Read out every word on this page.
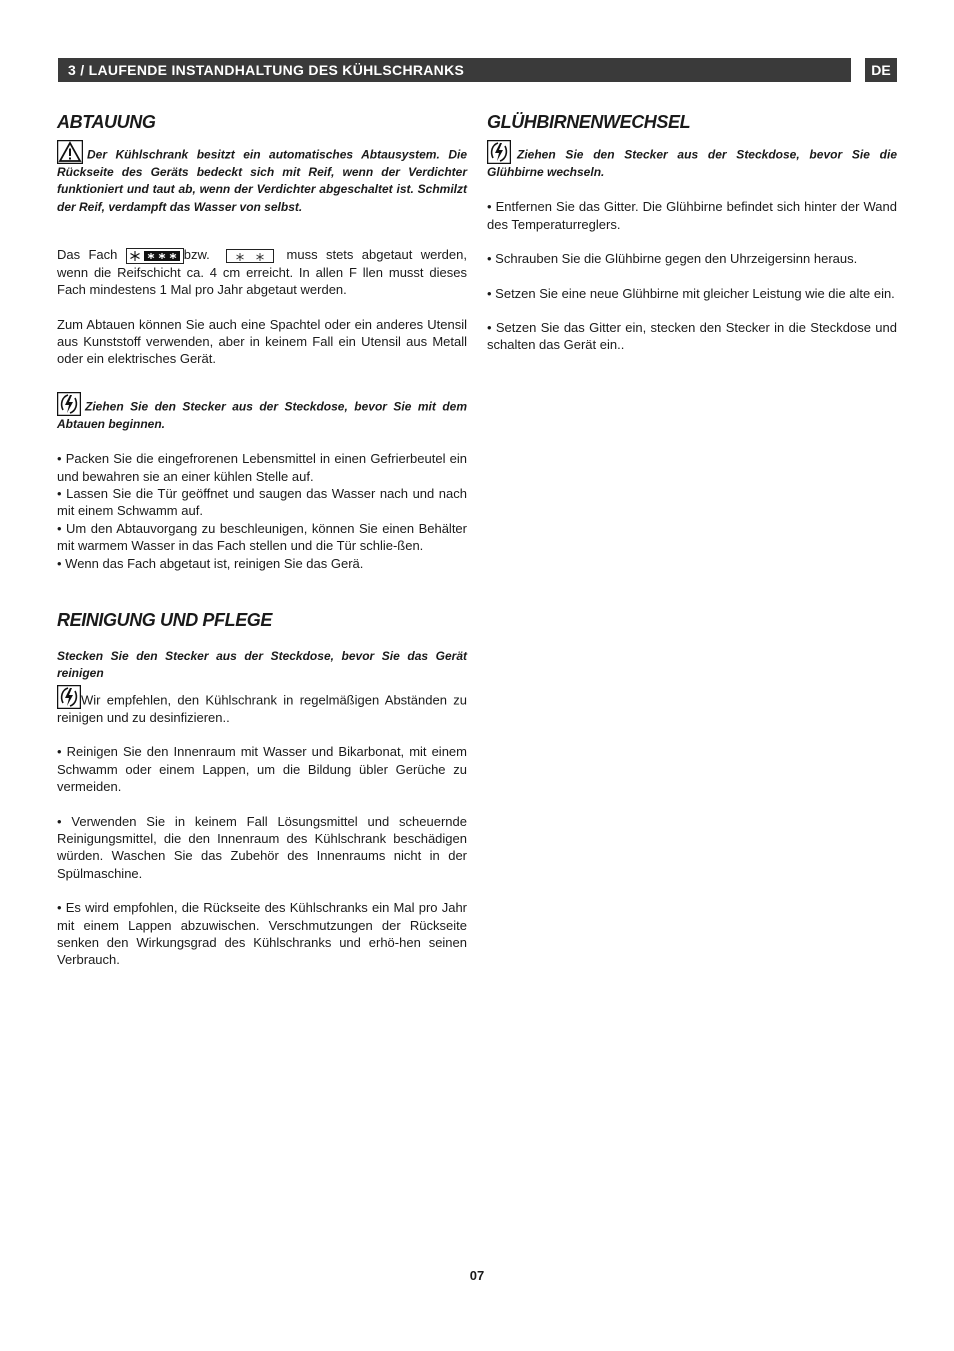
3 / LAUFENDE INSTANDHALTUNG DES KÜHLSCHRANKS	DE
ABTAUUNG

Der Kühlschrank besitzt ein automatisches Abtausystem. Die Rückseite des Geräts bedeckt sich mit Reif, wenn der Verdichter funktioniert und taut ab, wenn der Verdichter abgeschaltet ist. Schmilzt der Reif, verdampft das Wasser von selbst.

Das Fach	bzw.	muss stets abgetaut werden, wenn die Reifschicht ca. 4 cm erreicht. In allen F llen musst dieses Fach mindestens 1 Mal pro Jahr abgetaut werden.

Zum Abtauen können Sie auch eine Spachtel oder ein anderes Utensil aus Kunststoff verwenden, aber in keinem Fall ein Utensil aus Metall oder ein elektrisches Gerät.

Ziehen Sie den Stecker aus der Steckdose, bevor Sie mit dem Abtauen beginnen.

• Packen Sie die eingefrorenen Lebensmittel in einen Gefrierbeutel ein und bewahren sie an einer kühlen Stelle auf.

• Lassen Sie die Tür geöffnet und saugen das Wasser nach und nach mit einem Schwamm auf.

• Um den Abtauvorgang zu beschleunigen, können Sie einen Behälter mit warmem Wasser in das Fach stellen und die Tür schlie-ßen.

• Wenn das Fach abgetaut ist, reinigen Sie das Gerä.

REINIGUNG UND PFLEGE

Stecken Sie den Stecker aus der Steckdose, bevor Sie das Gerät reinigen

Wir empfehlen, den Kühlschrank in regelmäßigen Abständen zu reinigen und zu desinfizieren..

• Reinigen Sie den Innenraum mit Wasser und Bikarbonat, mit einem Schwamm oder einem Lappen, um die Bildung übler Gerüche zu vermeiden.

• Verwenden Sie in keinem Fall Lösungsmittel und scheuernde Reinigungsmittel, die den Innenraum des Kühlschrank beschädigen würden. Waschen Sie das Zubehör des Innenraums nicht in der Spülmaschine.

• Es wird empfohlen, die Rückseite des Kühlschranks ein Mal pro Jahr mit einem Lappen abzuwischen. Verschmutzungen der Rückseite senken den Wirkungsgrad des Kühlschranks und erhö-hen seinen Verbrauch.

GLÜHBIRNENWECHSEL

Ziehen Sie den Stecker aus der Steckdose, bevor Sie die Glühbirne wechseln.

• Entfernen Sie das Gitter. Die Glühbirne befindet sich hinter der Wand des Temperaturreglers.

• Schrauben Sie die Glühbirne gegen den Uhrzeigersinn heraus.

• Setzen Sie eine neue Glühbirne mit gleicher Leistung wie die alte ein.

• Setzen Sie das Gitter ein, stecken den Stecker in die Steckdose und schalten das Gerät ein..

07
